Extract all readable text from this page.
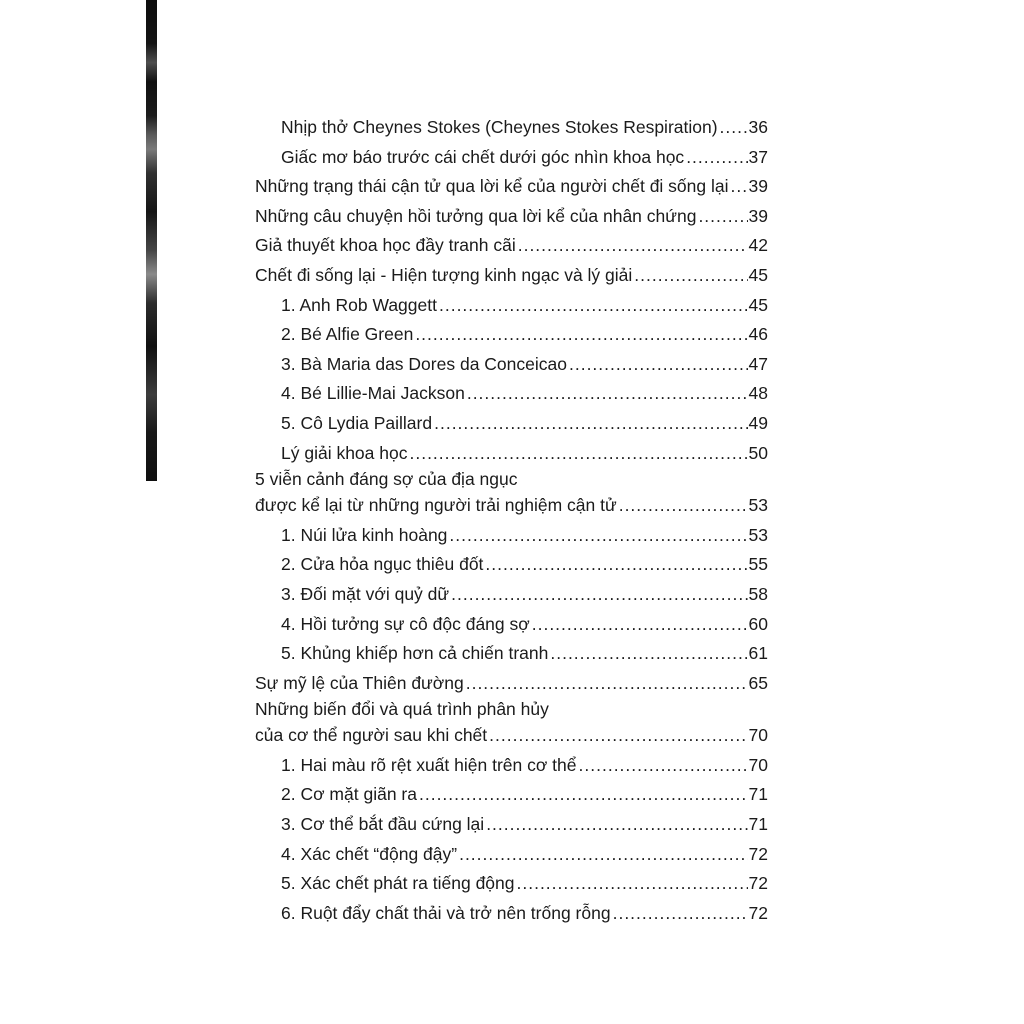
Nhịp thở Cheynes Stokes (Cheynes Stokes Respiration) ..... 36
Giấc mơ báo trước cái chết dưới góc nhìn khoa học .....	37
Những trạng thái cận tử qua lời kể của người chết đi sống lại ..... 39
Những câu chuyện hồi tưởng qua lời kể của nhân chứng .....	39
Giả thuyết khoa học đầy tranh cãi .....	42
Chết đi sống lại - Hiện tượng kinh ngạc và lý giải .....	45
1. Anh Rob Waggett .....	45
2. Bé Alfie Green .....	46
3. Bà Maria das Dores da Conceicao .....	47
4. Bé Lillie-Mai Jackson .....	48
5. Cô Lydia Paillard .....	49
Lý giải khoa học .....	50
5 viễn cảnh đáng sợ của địa ngục
được kể lại từ những người trải nghiệm cận tử .....	53
1. Núi lửa kinh hoàng .....	53
2. Cửa hỏa ngục thiêu đốt .....	55
3. Đối mặt với quỷ dữ .....	58
4. Hồi tưởng sự cô độc đáng sợ .....	60
5. Khủng khiếp hơn cả chiến tranh .....	61
Sự mỹ lệ của Thiên đường .....	65
Những biến đổi và quá trình phân hủy
của cơ thể người sau khi chết .....	70
1. Hai màu rõ rệt xuất hiện trên cơ thể .....	70
2. Cơ mặt giãn ra .....	71
3. Cơ thể bắt đầu cứng lại .....	71
4. Xác chết “động đậy” .....	72
5. Xác chết phát ra tiếng động .....	72
6. Ruột đẩy chất thải và trở nên trống rỗng .....	72
